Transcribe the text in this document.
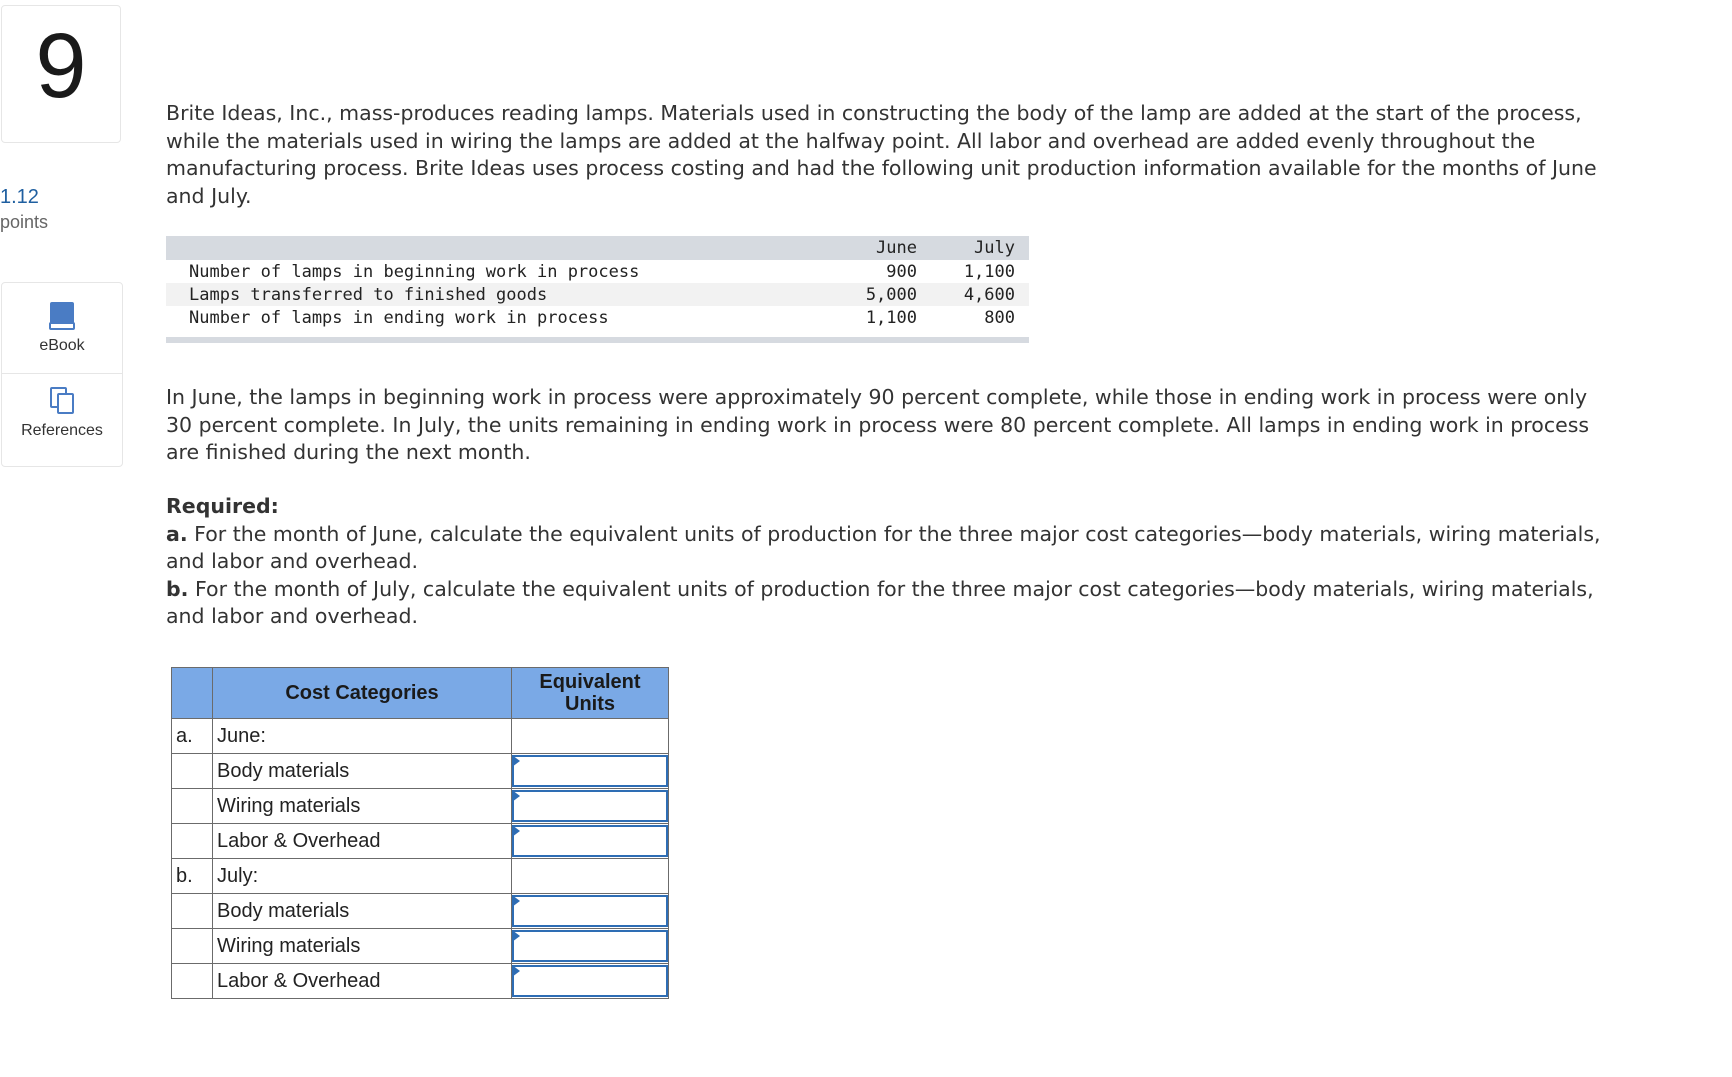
9
1.12
points
eBook
References

Brite Ideas, Inc., mass-produces reading lamps. Materials used in constructing the body of the lamp are added at the start of the process, while the materials used in wiring the lamps are added at the halfway point. All labor and overhead are added evenly throughout the manufacturing process. Brite Ideas uses process costing and had the following unit production information available for the months of June and July.

	June	July
Number of lamps in beginning work in process	900	1,100
Lamps transferred to finished goods	5,000	4,600
Number of lamps in ending work in process	1,100	800

In June, the lamps in beginning work in process were approximately 90 percent complete, while those in ending work in process were only 30 percent complete. In July, the units remaining in ending work in process were 80 percent complete. All lamps in ending work in process are finished during the next month.

Required:
a. For the month of June, calculate the equivalent units of production for the three major cost categories—body materials, wiring materials, and labor and overhead.
b. For the month of July, calculate the equivalent units of production for the three major cost categories—body materials, wiring materials, and labor and overhead.

	Cost Categories	Equivalent Units
a.	June:	
	Body materials	

	Wiring materials	

	Labor & Overhead	

b.	July:	
	Body materials	

	Wiring materials	

	Labor & Overhead	
